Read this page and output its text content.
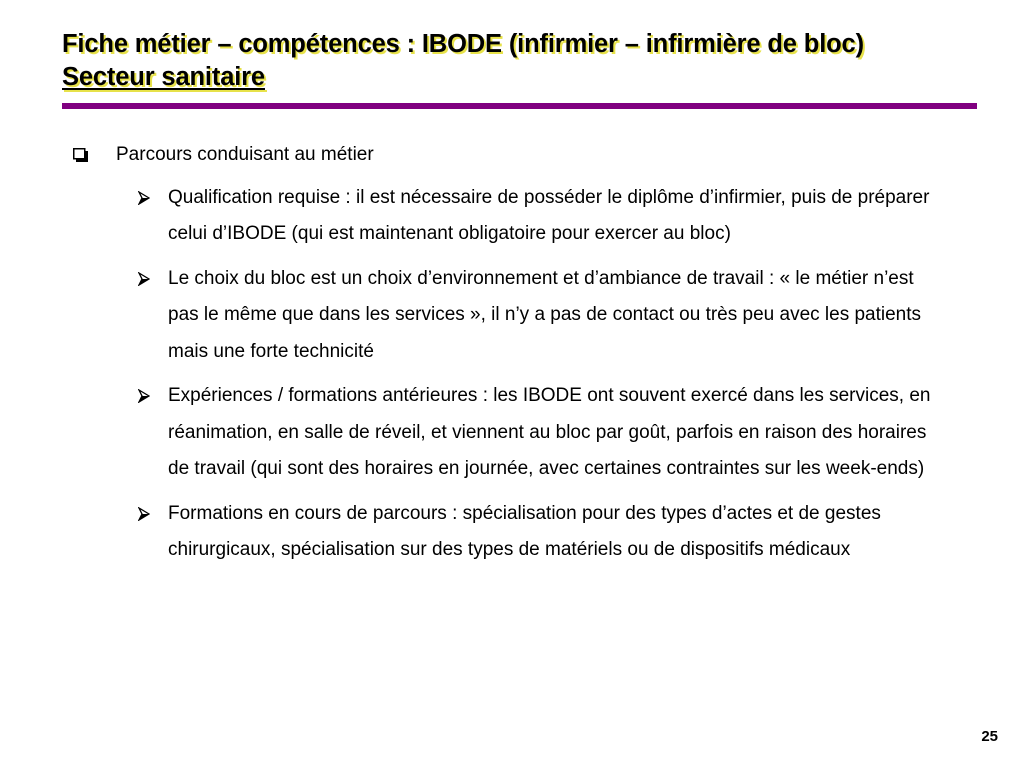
Fiche métier – compétences : IBODE (infirmier – infirmière de bloc)
Secteur sanitaire
Parcours conduisant au métier
Qualification requise : il est nécessaire de posséder le diplôme d’infirmier, puis de préparer celui d’IBODE (qui est maintenant obligatoire pour exercer au bloc)
Le choix du bloc est un choix d’environnement et d’ambiance de travail : « le métier n’est pas le même que dans les services », il n’y a pas de contact ou très peu avec les patients mais une forte technicité
Expériences / formations antérieures : les IBODE ont souvent exercé dans les services, en réanimation, en salle de réveil, et viennent au bloc par goût, parfois en raison des horaires de travail (qui sont des horaires en journée, avec certaines contraintes sur les week-ends)
Formations en cours de parcours : spécialisation pour des types d’actes et de gestes chirurgicaux, spécialisation sur des types de matériels ou de dispositifs médicaux
25
